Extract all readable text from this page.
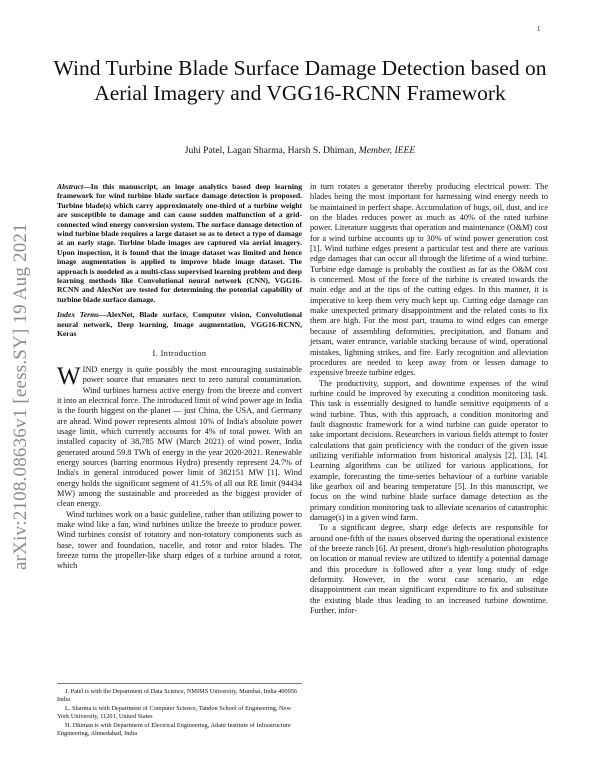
1
arXiv:2108.08636v1 [eess.SY] 19 Aug 2021
Wind Turbine Blade Surface Damage Detection based on Aerial Imagery and VGG16-RCNN Framework
Juhi Patel, Lagan Sharma, Harsh S. Dhiman, Member, IEEE

Abstract—In this manuscript, an image analytics based deep learning framework for wind turbine blade surface damage detection is proposed. Turbine blade(s) which carry approximately one-third of a turbine weight are susceptible to damage and can cause sudden malfunction of a grid-connected wind energy conversion system. The surface damage detection of wind turbine blade requires a large dataset so as to detect a type of damage at an early stage. Turbine blade images are captured via aerial imagery. Upon inspection, it is found that the image dataset was limited and hence image augmentation is applied to improve blade image dataset. The approach is modeled as a multi-class supervised learning problem and deep learning methods like Convolutional neural network (CNN), VGG16-RCNN and AlexNet are tested for determining the potential capability of turbine blade surface damage.

Index Terms—AlexNet, Blade surface, Computer vision, Convolutional neural network, Deep learning, Image augmentation, VGG16-RCNN, Keras

I. Introduction

WIND energy is quite possibly the most encouraging sustainable power source that emanates next to zero natural contamination. Wind turbines harness active energy from the breeze and convert it into an electrical force. The introduced limit of wind power age in India is the fourth biggest on the planet — just China, the USA, and Germany are ahead. Wind power represents almost 10% of India's absolute power usage limit, which currently accounts for 4% of total power. With an installed capacity of 38,785 MW (March 2021) of wind power, India generated around 59.8 TWh of energy in the year 2020-2021. Renewable energy sources (barring enormous Hydro) presently represent 24.7% of India's in general introduced power limit of 382151 MW [1]. Wind energy holds the significant segment of 41.5% of all out RE limit (94434 MW) among the sustainable and proceeded as the biggest provider of clean energy.

Wind turbines work on a basic guideline, rather than utilizing power to make wind like a fan, wind turbines utilize the breeze to produce power. Wind turbines consist of rotatory and non-rotatory components such as base, tower and foundation, nacelle, and rotor and rotor blades. The breeze turns the propeller-like sharp edges of a turbine around a rotor, which

J. Patel is with the Department of Data Science, NMIMS University, Mumbai, India 400056 India

L. Sharma is with Department of Computer Science, Tandon School of Engineering, New York University, 11201, United States

H. Dhiman is with Department of Electrical Engineering, Adani Institute of Infrastructure Engineering, Ahmedabad, India

in turn rotates a generator thereby producing electrical power. The blades being the most important for harnessing wind energy needs to be maintained in perfect shape. Accumulation of bugs, oil, dust, and ice on the blades reduces power as much as 40% of the rated turbine power. Literature suggests that operation and maintenance (O&M) cost for a wind turbine accounts up to 30% of wind power generation cost [1]. Wind turbine edges present a particular test and there are various edge damages that can occur all through the lifetime of a wind turbine. Turbine edge damage is probably the costliest as far as the O&M cost is concerned. Most of the force of the turbine is created towards the main edge and at the tips of the cutting edges. In this manner, it is imperative to keep them very much kept up. Cutting edge damage can make unexpected primary disappointment and the related costs to fix them are high. For the most part, trauma to wind edges can emerge because of assembling deformities, precipitation, and flotsam and jetsam, water entrance, variable stacking because of wind, operational mistakes, lightning strikes, and fire. Early recognition and alleviation procedures are needed to keep away from or lessen damage to expensive breeze turbine edges.

The productivity, support, and downtime expenses of the wind turbine could be improved by executing a condition monitoring task. This task is essentially designed to handle sensitive equipments of a wind turbine. Thus, with this approach, a condition monitoring and fault diagnostic framework for a wind turbine can guide operator to take important decisions. Researchers in various fields attempt to foster calculations that gain proficiency with the conduct of the given issue utilizing verifiable information from historical analysis [2], [3], [4]. Learning algorithms can be utilized for various applications, for example, forecasting the time-series behaviour of a turbine variable like gearbox oil and bearing temperature [5]. In this manuscript, we focus on the wind turbine blade surface damage detection as the primary condition monitoring task to alleviate scenarios of catastrophic damage(s) in a given wind farm.

To a significant degree, sharp edge defects are responsible for around one-fifth of the issues observed during the operational existence of the breeze ranch [6]. At present, drone's high-resolution photographs on location or manual review are utilized to identify a potential damage and this procedure is followed after a year long study of edge deformity. However, in the worst case scenario, an edge disappointment can mean significant expenditure to fix and substitute the existing blade thus leading to an increased turbine downtime. Further, infor-
